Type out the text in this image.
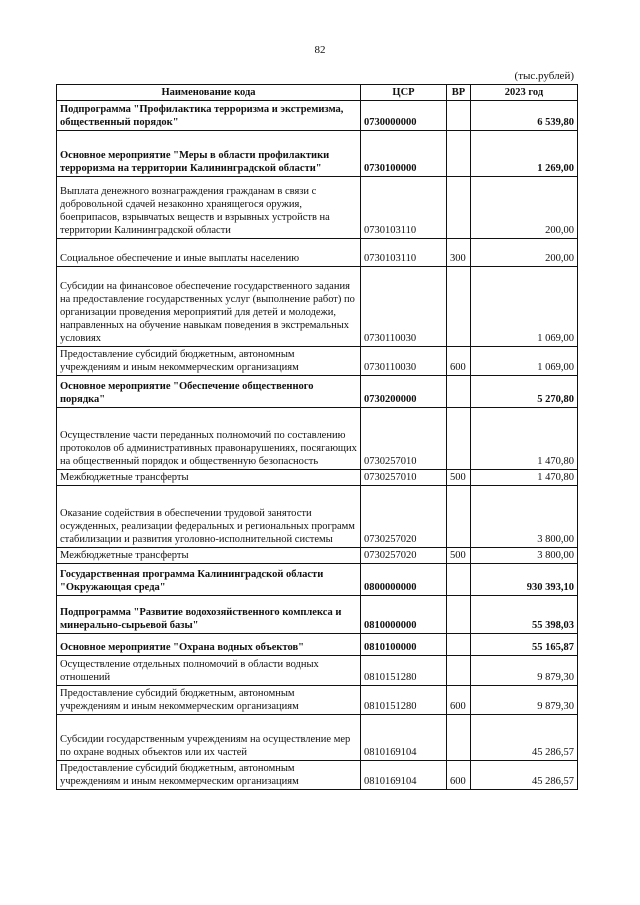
82
(тыс.рублей)
Наименование кода	ЦСР	ВР	2023 год
Подпрограмма "Профилактика терроризма и экстремизма, общественный порядок"	0730000000		6 539,80
Основное мероприятие "Меры в области профилактики терроризма на территории Калининградской области"	0730100000		1 269,00
Выплата денежного вознаграждения гражданам в связи с добровольной сдачей незаконно хранящегося оружия, боеприпасов, взрывчатых веществ и взрывных устройств на территории Калининградской области	0730103110		200,00
Социальное обеспечение и иные выплаты населению	0730103110	300	200,00
Субсидии на финансовое обеспечение государственного задания на предоставление государственных услуг (выполнение работ) по организации проведения мероприятий для детей и молодежи, направленных на обучение навыкам поведения в экстремальных условиях	0730110030		1 069,00
Предоставление субсидий бюджетным, автономным учреждениям и иным некоммерческим организациям	0730110030	600	1 069,00
Основное мероприятие "Обеспечение общественного порядка"	0730200000		5 270,80
Осуществление части переданных полномочий по составлению протоколов об административных правонарушениях, посягающих на общественный порядок и общественную безопасность	0730257010		1 470,80
Межбюджетные трансферты	0730257010	500	1 470,80
Оказание содействия в обеспечении трудовой занятости осужденных, реализации федеральных и региональных программ стабилизации и развития уголовно-исполнительной системы	0730257020		3 800,00
Межбюджетные трансферты	0730257020	500	3 800,00
Государственная программа Калининградской области "Окружающая среда"	0800000000		930 393,10
Подпрограмма "Развитие водохозяйственного комплекса и минерально-сырьевой базы"	0810000000		55 398,03
Основное мероприятие "Охрана водных объектов"	0810100000		55 165,87
Осуществление отдельных полномочий в области водных отношений	0810151280		9 879,30
Предоставление субсидий бюджетным, автономным учреждениям и иным некоммерческим организациям	0810151280	600	9 879,30
Субсидии государственным учреждениям на осуществление мер по охране водных объектов или их частей	0810169104		45 286,57
Предоставление субсидий бюджетным, автономным учреждениям и иным некоммерческим организациям	0810169104	600	45 286,57
